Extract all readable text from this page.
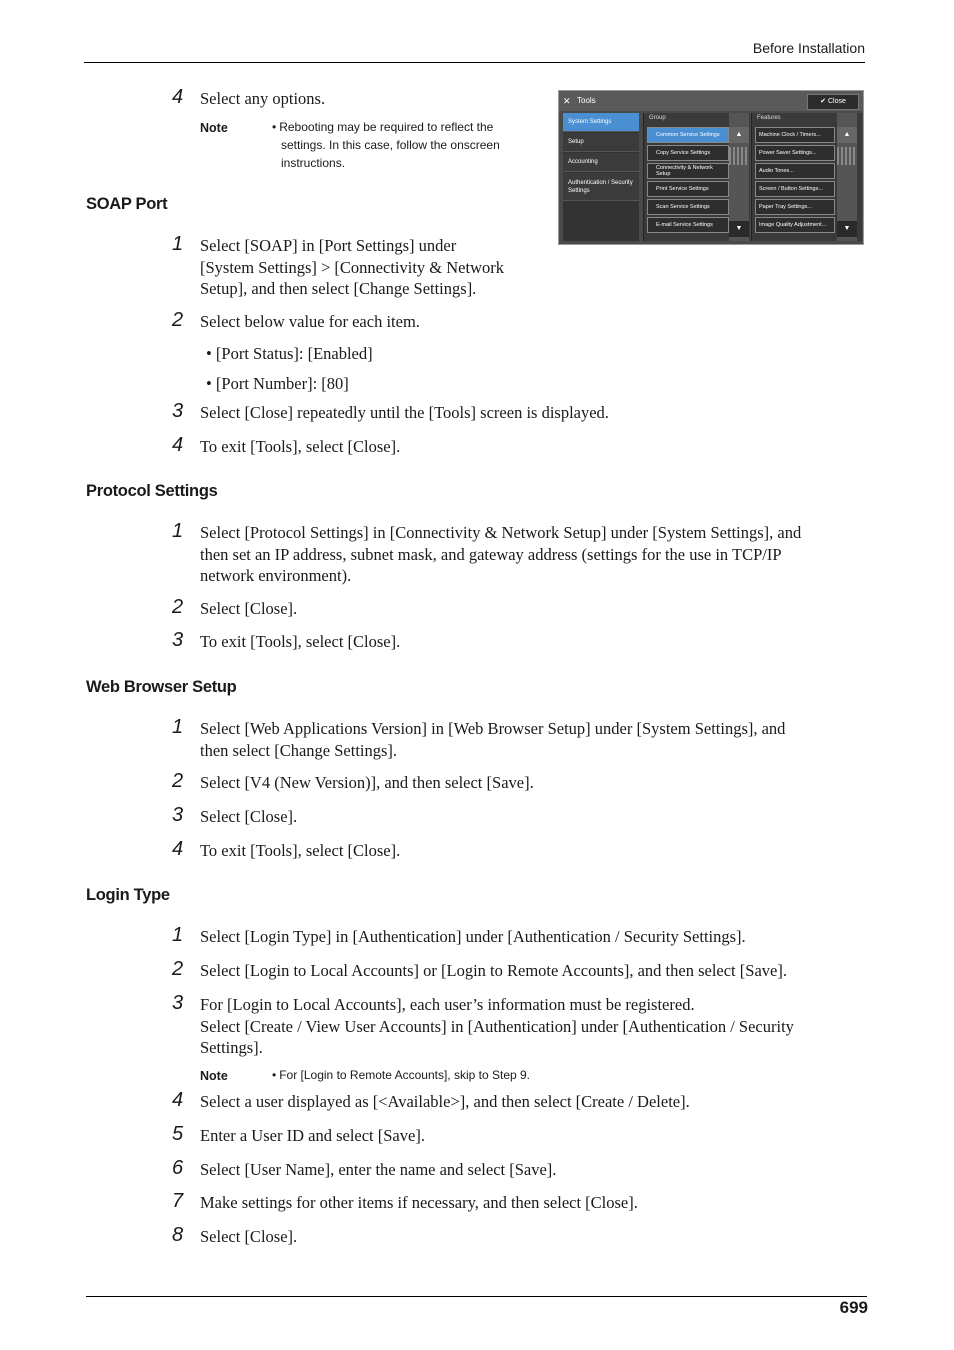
Before Installation
699
4 Select any options.
Note	• Rebooting may be required to reflect the
settings. In this case, follow the onscreen
instructions.
✕ Tools	✔ Close
System Settings
Setup
Accounting
Authentication / Security Settings
Group
Common Service Settings
Copy Service Settings
Connectivity & Network Setup
Print Service Settings
Scan Service Settings
E-mail Service Settings
▲
▼
Features
Machine Clock / Timers...
Power Saver Settings...
Audio Tones...
Screen / Button Settings...
Paper Tray Settings...
Image Quality Adjustment...
▲
▼
SOAP Port
1 Select [SOAP] in [Port Settings] under
[System Settings] > [Connectivity & Network
Setup], and then select [Change Settings].
2 Select below value for each item.
• [Port Status]: [Enabled]
• [Port Number]: [80]
3 Select [Close] repeatedly until the [Tools] screen is displayed.
4 To exit [Tools], select [Close].
Protocol Settings
1 Select [Protocol Settings] in [Connectivity & Network Setup] under [System Settings], and
then set an IP address, subnet mask, and gateway address (settings for the use in TCP/IP
network environment).
2 Select [Close].
3 To exit [Tools], select [Close].
Web Browser Setup
1 Select [Web Applications Version] in [Web Browser Setup] under [System Settings], and
then select [Change Settings].
2 Select [V4 (New Version)], and then select [Save].
3 Select [Close].
4 To exit [Tools], select [Close].
Login Type
1 Select [Login Type] in [Authentication] under [Authentication / Security Settings].
2 Select [Login to Local Accounts] or [Login to Remote Accounts], and then select [Save].
3 For [Login to Local Accounts], each user’s information must be registered.
Select [Create / View User Accounts] in [Authentication] under [Authentication / Security
Settings].
Note	• For [Login to Remote Accounts], skip to Step 9.
4 Select a user displayed as [<Available>], and then select [Create / Delete].
5 Enter a User ID and select [Save].
6 Select [User Name], enter the name and select [Save].
7 Make settings for other items if necessary, and then select [Close].
8 Select [Close].
